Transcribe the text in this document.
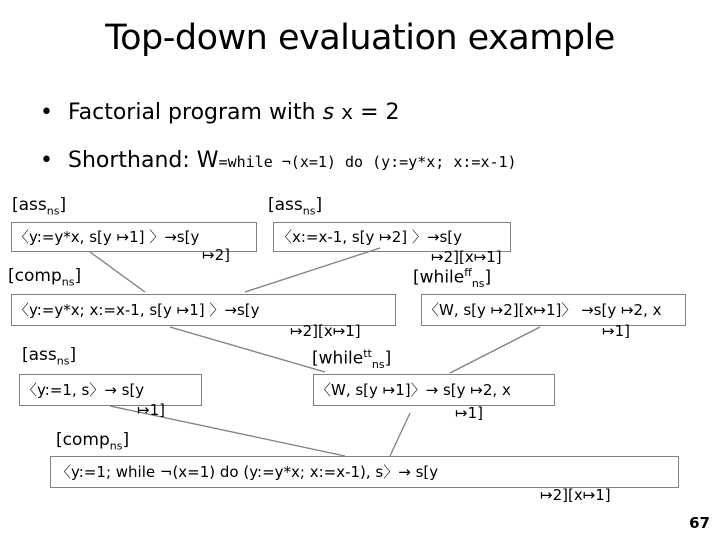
Top-down evaluation example
• Factorial program with s x = 2
• Shorthand: W=while ¬(x=1) do (y:=y*x; x:=x-1)
[ass$_{ns}$]	[ass$_{ns}$]
[comp$_{ns}$]	[while$^{ff}_{ns}$]
[ass$_{ns}$]	[while$^{tt}_{ns}$]
[comp$_{ns}$]
〈y:=y*x, s[y ↦1] 〉→s[y
↦2]
〈x:=x-1, s[y ↦2] 〉→s[y
↦2][x↦1]
〈y:=y*x; x:=x-1, s[y ↦1] 〉→s[y
↦2][x↦1]
〈W, s[y ↦2][x↦1]〉 →s[y ↦2, x
↦1]
〈y:=1, s〉→ s[y
↦1]
〈W, s[y ↦1]〉→ s[y ↦2, x
↦1]
〈y:=1; while ¬(x=1) do (y:=y*x; x:=x-1), s〉→ s[y
↦2][x↦1]
67
